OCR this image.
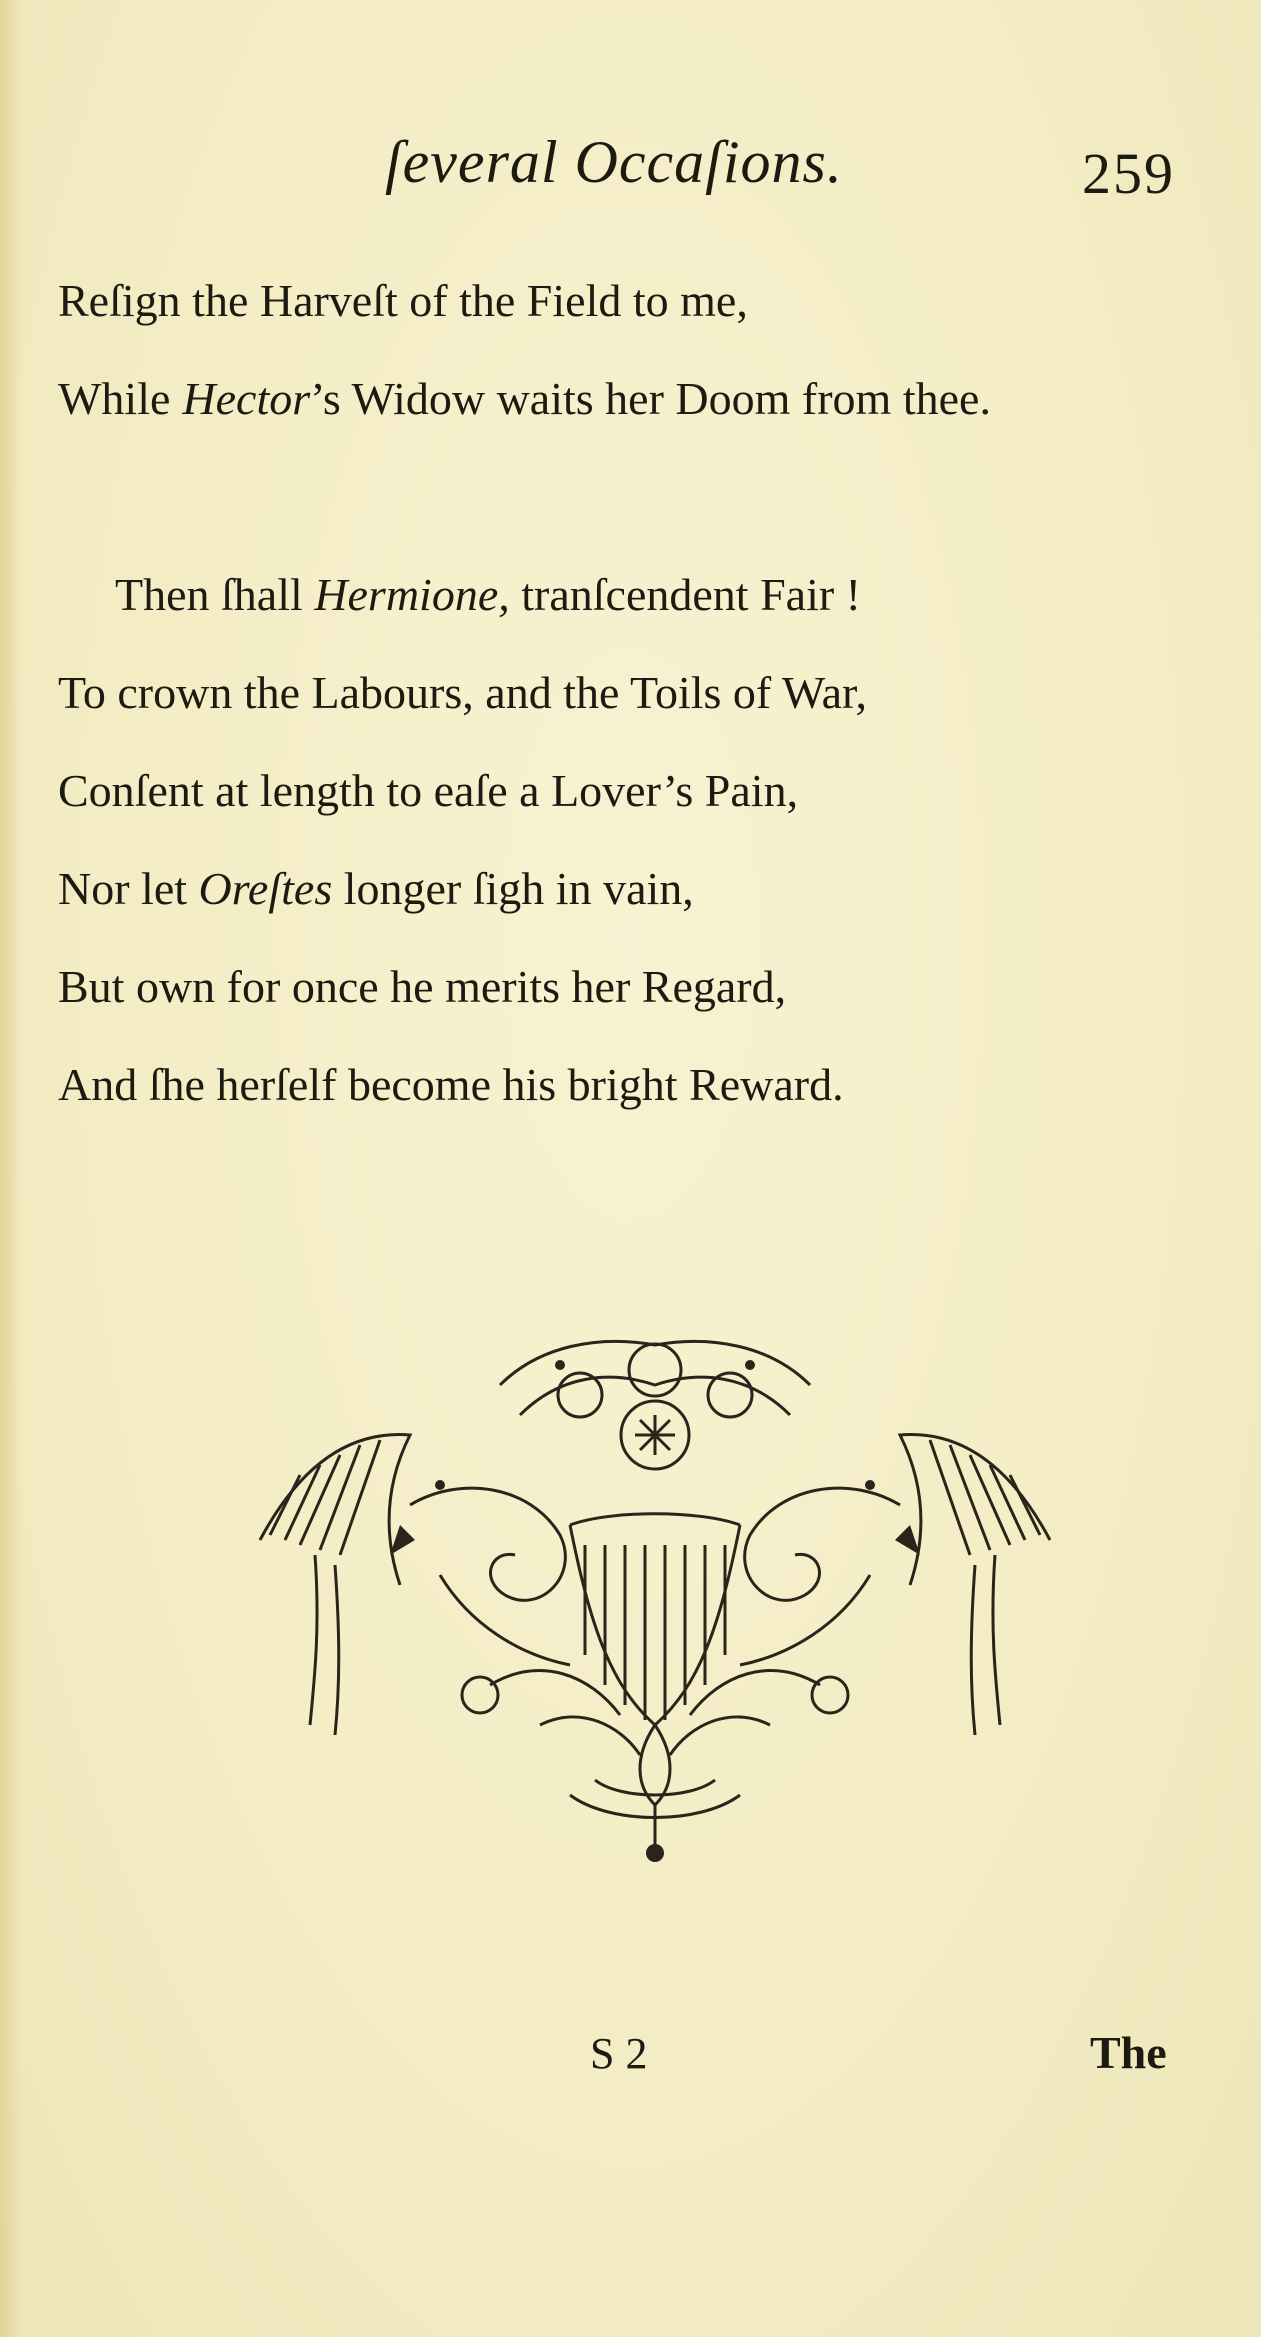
ſeveral Occaſions.	259
Reſign the Harveſt of the Field to me,
While Hector’s Widow waits her Doom from thee.
Then ſhall Hermione, tranſcendent Fair !
To crown the Labours, and the Toils of War,
Conſent at length to eaſe a Lover’s Pain,
Nor let Oreſtes longer ſigh in vain,
But own for once he merits her Regard,
And ſhe herſelf become his bright Reward.
S 2	The
